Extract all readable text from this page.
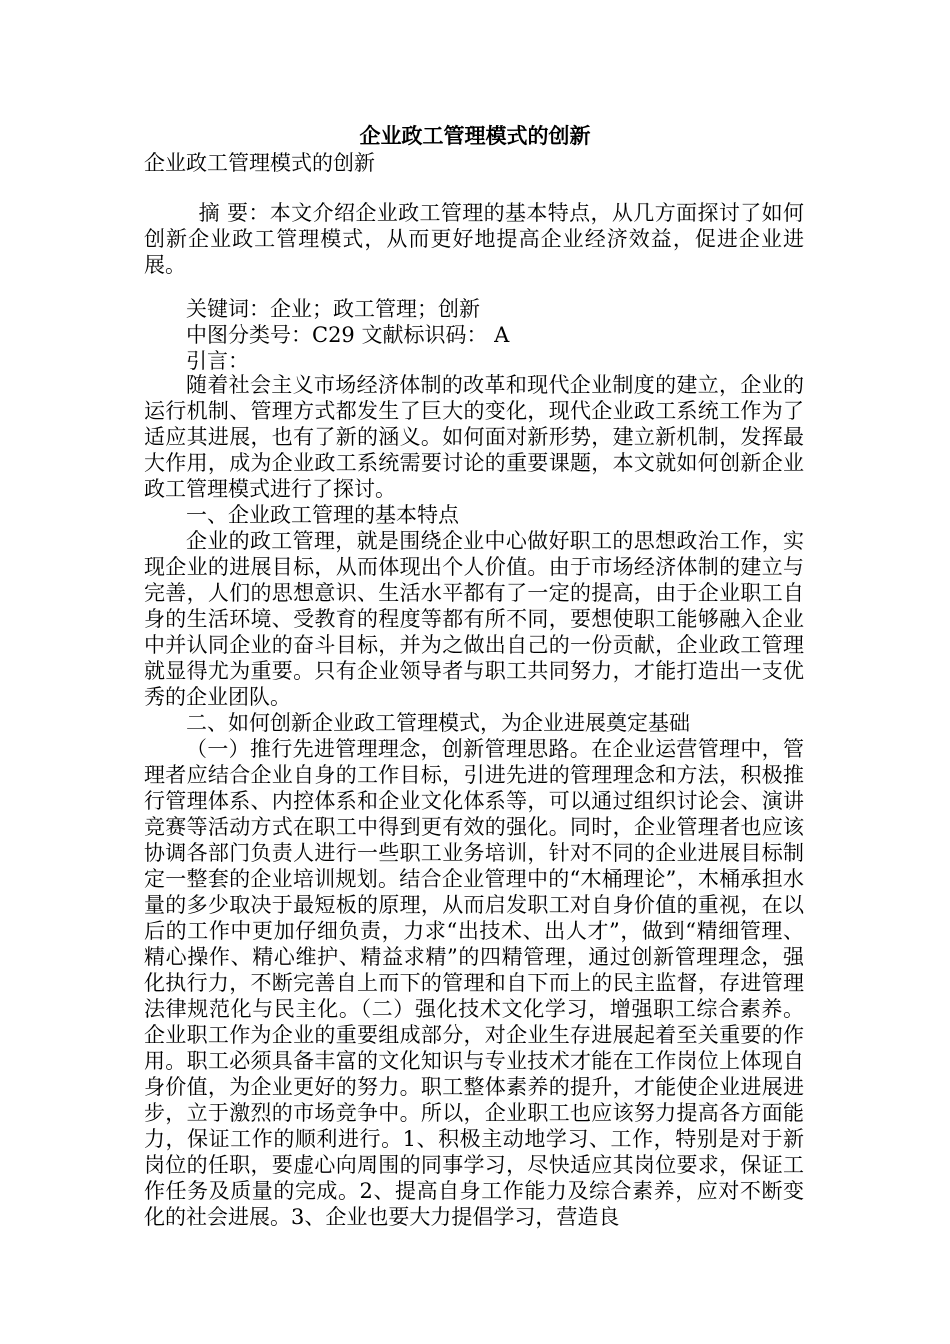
企业政工管理模式的创新
企业政工管理模式的创新
摘 要：本文介绍企业政工管理的基本特点，从几方面探讨了如何创新企业政工管理模式，从而更好地提高企业经济效益，促进企业进展。
关键词：企业；政工管理；创新
中图分类号：C29 文献标识码： A
引言：

随着社会主义市场经济体制的改革和现代企业制度的建立，企业的运行机制、管理方式都发生了巨大的变化，现代企业政工系统工作为了适应其进展，也有了新的涵义。如何面对新形势，建立新机制，发挥最大作用，成为企业政工系统需要讨论的重要课题，本文就如何创新企业政工管理模式进行了探讨。

一、企业政工管理的基本特点

企业的政工管理，就是围绕企业中心做好职工的思想政治工作，实现企业的进展目标，从而体现出个人价值。由于市场经济体制的建立与完善，人们的思想意识、生活水平都有了一定的提高，由于企业职工自身的生活环境、受教育的程度等都有所不同，要想使职工能够融入企业中并认同企业的奋斗目标，并为之做出自己的一份贡献，企业政工管理就显得尤为重要。只有企业领导者与职工共同努力，才能打造出一支优秀的企业团队。

二、如何创新企业政工管理模式，为企业进展奠定基础

（一）推行先进管理理念，创新管理思路。在企业运营管理中，管理者应结合企业自身的工作目标，引进先进的管理理念和方法，积极推行管理体系、内控体系和企业文化体系等，可以通过组织讨论会、演讲竞赛等活动方式在职工中得到更有效的强化。同时，企业管理者也应该协调各部门负责人进行一些职工业务培训，针对不同的企业进展目标制定一整套的企业培训规划。结合企业管理中的“木桶理论”，木桶承担水量的多少取决于最短板的原理，从而启发职工对自身价值的重视，在以后的工作中更加仔细负责，力求“出技术、出人才”，做到“精细管理、精心操作、精心维护、精益求精”的四精管理，通过创新管理理念，强化执行力，不断完善自上而下的管理和自下而上的民主监督，存进管理法律规范化与民主化。（二）强化技术文化学习，增强职工综合素养。企业职工作为企业的重要组成部分，对企业生存进展起着至关重要的作用。职工必须具备丰富的文化知识与专业技术才能在工作岗位上体现自身价值，为企业更好的努力。职工整体素养的提升，才能使企业进展进步，立于激烈的市场竞争中。所以，企业职工也应该努力提高各方面能力，保证工作的顺利进行。1、积极主动地学习、工作，特别是对于新岗位的任职，要虚心向周围的同事学习，尽快适应其岗位要求，保证工作任务及质量的完成。2、提高自身工作能力及综合素养，应对不断变化的社会进展。3、企业也要大力提倡学习，营造良
